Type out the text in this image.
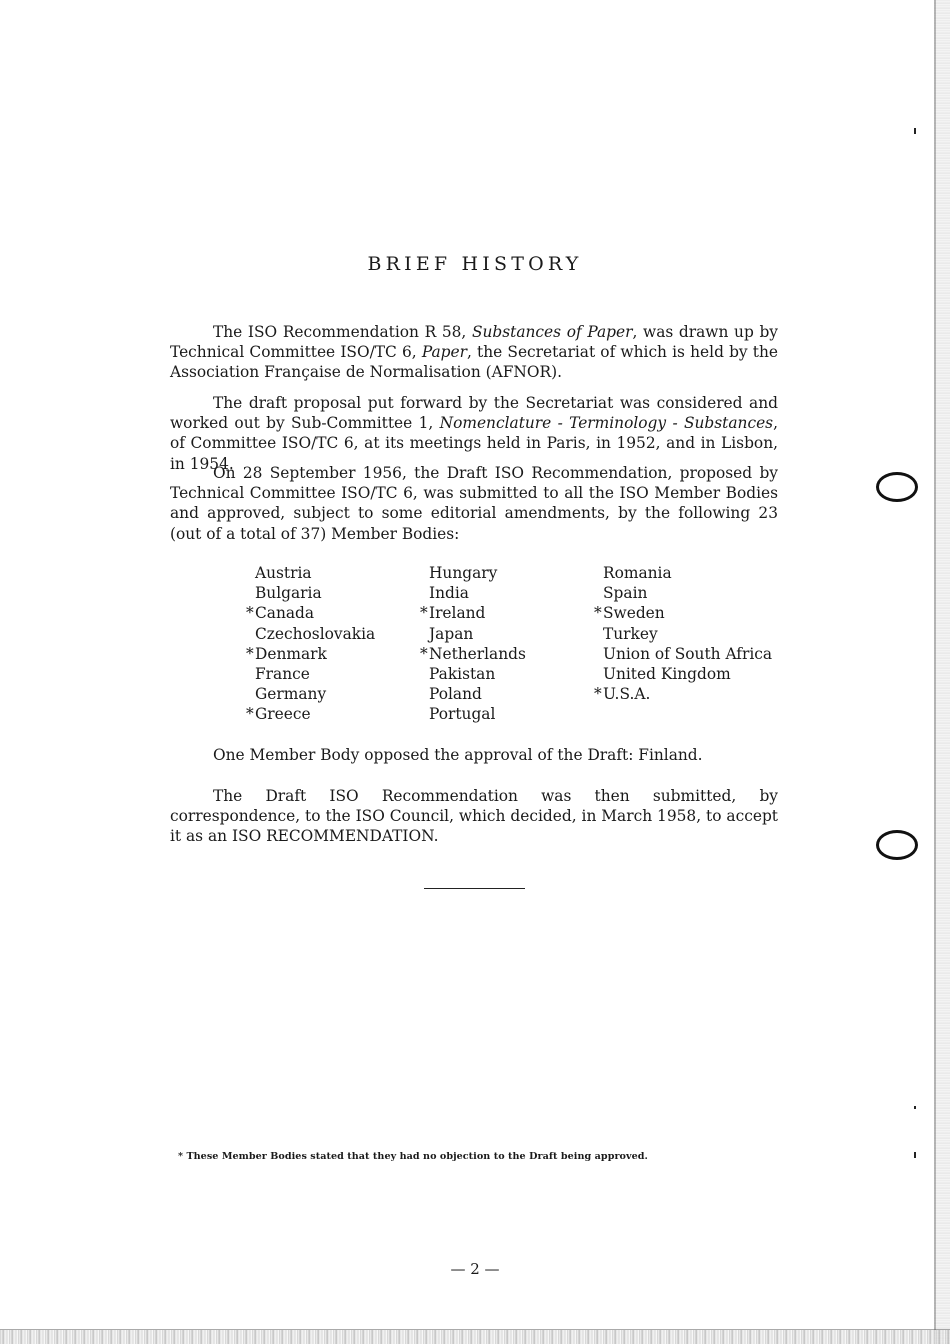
BRIEF HISTORY

The ISO Recommendation R 58, Substances of Paper, was drawn up by Technical Committee ISO/TC 6, Paper, the Secretariat of which is held by the Association Française de Normalisation (AFNOR).

The draft proposal put forward by the Secretariat was considered and worked out by Sub-Committee 1, Nomenclature - Terminology - Substances, of Committee ISO/TC 6, at its meetings held in Paris, in 1952, and in Lisbon, in 1954.

On 28 September 1956, the Draft ISO Recommendation, proposed by Technical Committee ISO/TC 6, was submitted to all the ISO Member Bodies and approved, subject to some editorial amendments, by the following 23 (out of a total of 37) Member Bodies:

Austria
Bulgaria
* Canada
Czechoslovakia
* Denmark
France
Germany
* Greece
Hungary
India
* Ireland
Japan
* Netherlands
Pakistan
Poland
Portugal
Romania
Spain
* Sweden
Turkey
Union of South Africa
United Kingdom
* U.S.A.

One Member Body opposed the approval of the Draft: Finland.

The Draft ISO Recommendation was then submitted, by correspondence, to the ISO Council, which decided, in March 1958, to accept it as an ISO RECOMMENDATION.

* These Member Bodies stated that they had no objection to the Draft being approved.
— 2 —
